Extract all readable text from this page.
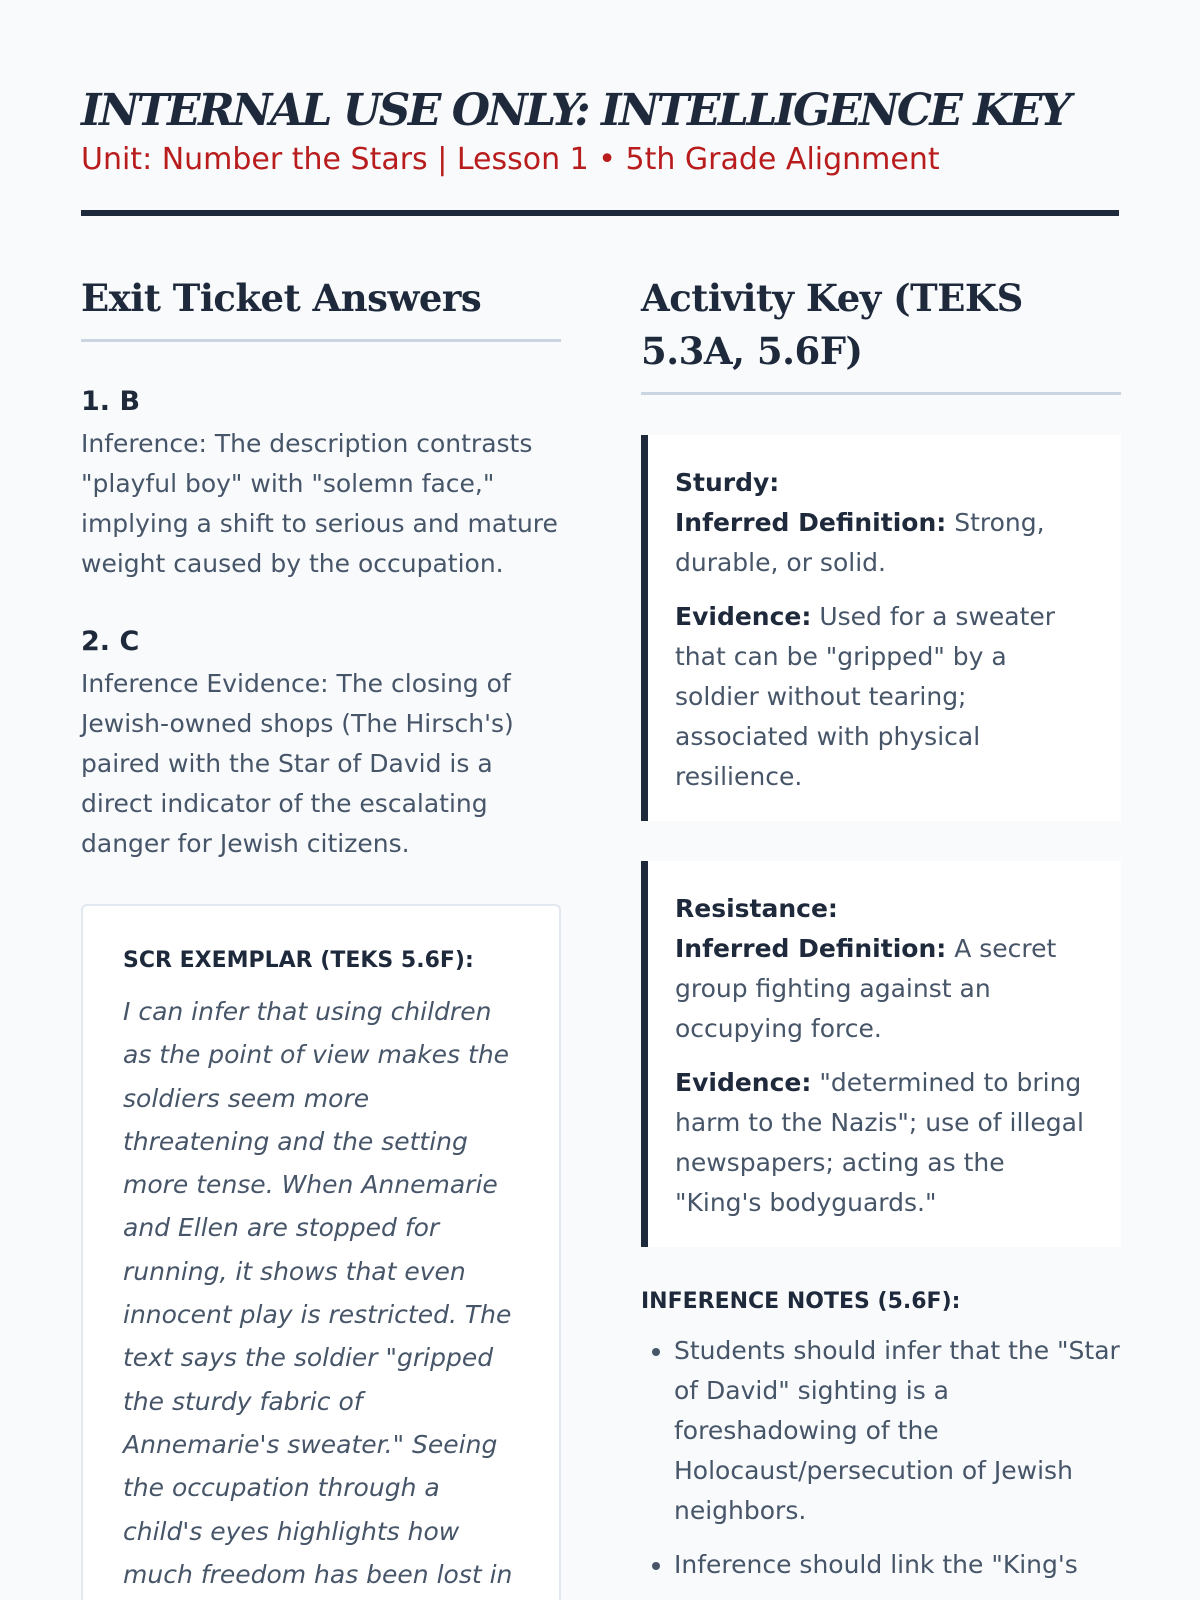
INTERNAL USE ONLY: INTELLIGENCE KEY
Unit: Number the Stars | Lesson 1 • 5th Grade Alignment
Exit Ticket Answers
1. B
Inference: The description contrasts "playful boy" with "solemn face," implying a shift to serious and mature weight caused by the occupation.
2. C
Inference Evidence: The closing of Jewish-owned shops (The Hirsch's) paired with the Star of David is a direct indicator of the escalating danger for Jewish citizens.
SCR EXEMPLAR (TEKS 5.6F):
I can infer that using children as the point of view makes the soldiers seem more threatening and the setting more tense. When Annemarie and Ellen are stopped for running, it shows that even innocent play is restricted. The text says the soldier "gripped the sturdy fabric of Annemarie's sweater." Seeing the occupation through a child's eyes highlights how much freedom has been lost in
Activity Key (TEKS 5.3A, 5.6F)
Sturdy:
Inferred Definition: Strong, durable, or solid.
Evidence: Used for a sweater that can be "gripped" by a soldier without tearing; associated with physical resilience.
Resistance:
Inferred Definition: A secret group fighting against an occupying force.
Evidence: "determined to bring harm to the Nazis"; use of illegal newspapers; acting as the "King's bodyguards."
INFERENCE NOTES (5.6F):
• Students should infer that the "Star of David" sighting is a foreshadowing of the Holocaust/persecution of Jewish neighbors.
• Inference should link the "King's
